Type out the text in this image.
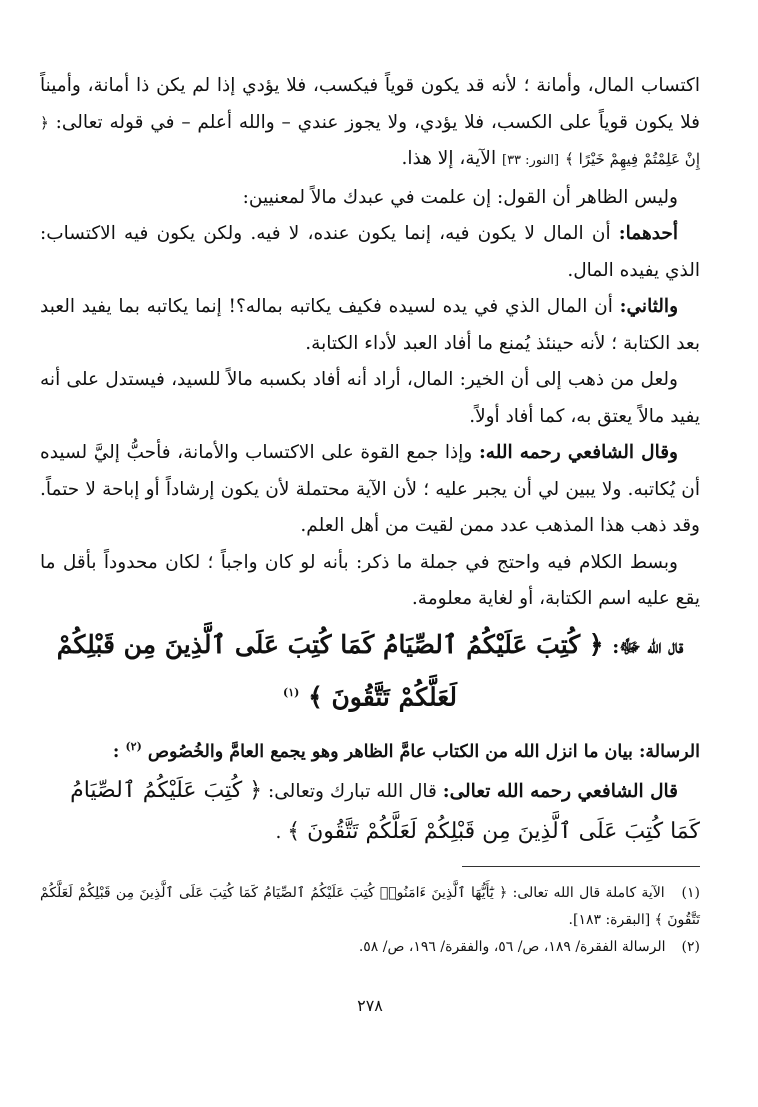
اكتساب المال، وأمانة ؛ لأنه قد يكون قوياً فيكسب، فلا يؤدي إذا لم يكن ذا أمانة، وأميناً فلا يكون قوياً على الكسب، فلا يؤدي، ولا يجوز عندي – والله أعلم – في قوله تعالى: ﴿ إِنْ عَلِمْتُمْ فِيهِمْ خَيْرًا ﴾ [النور: ٣٣] الآية، إلا هذا.

وليس الظاهر أن القول: إن علمت في عبدك مالاً لمعنيين:

أحدهما: أن المال لا يكون فيه، إنما يكون عنده، لا فيه. ولكن يكون فيه الاكتساب: الذي يفيده المال.

والثاني: أن المال الذي في يده لسيده فكيف يكاتبه بماله؟! إنما يكاتبه بما يفيد العبد بعد الكتابة ؛ لأنه حينئذ يُمنع ما أفاد العبد لأداء الكتابة.

ولعل من ذهب إلى أن الخير: المال، أراد أنه أفاد بكسبه مالاً للسيد، فيستدل على أنه يفيد مالاً يعتق به، كما أفاد أولاً.

وقال الشافعي رحمه الله: وإذا جمع القوة على الاكتساب والأمانة، فأحبُّ إليَّ لسيده أن يُكاتبه. ولا يبين لي أن يجبر عليه ؛ لأن الآية محتملة لأن يكون إرشاداً أو إباحة لا حتماً. وقد ذهب هذا المذهب عدد ممن لقيت من أهل العلم.

وبسط الكلام فيه واحتج في جملة ما ذكر: بأنه لو كان واجباً ؛ لكان محدوداً بأقل ما يقع عليه اسم الكتابة، أو لغاية معلومة.

قال الله ﷻ: ﴿ كُتِبَ عَلَيْكُمُ ٱلصِّيَامُ كَمَا كُتِبَ عَلَى ٱلَّذِينَ مِن قَبْلِكُمْ لَعَلَّكُمْ تَتَّقُونَ ﴾ $^{(١)}$

الرسالة: بيان ما انزل الله من الكتاب عامَّ الظاهر وهو يجمع العامَّ والخُصُوص $^{(٢)}$ :

قال الشافعي رحمه الله تعالى: قال الله تبارك وتعالى: ﴿ كُتِبَ عَلَيْكُمُ ٱلصِّيَامُ كَمَا كُتِبَ عَلَى ٱلَّذِينَ مِن قَبْلِكُمْ لَعَلَّكُمْ تَتَّقُونَ ﴾ .

(١) الآية كاملة قال الله تعالى: ﴿ يَٰٓأَيُّهَا ٱلَّذِينَ ءَامَنُوا۟ كُتِبَ عَلَيْكُمُ ٱلصِّيَامُ كَمَا كُتِبَ عَلَى ٱلَّذِينَ مِن قَبْلِكُمْ لَعَلَّكُمْ تَتَّقُونَ ﴾ [البقرة: ١٨٣].

(٢) الرسالة الفقرة/ ١٨٩، ص/ ٥٦، والفقرة/ ١٩٦، ص/ ٥٨.

٢٧٨
